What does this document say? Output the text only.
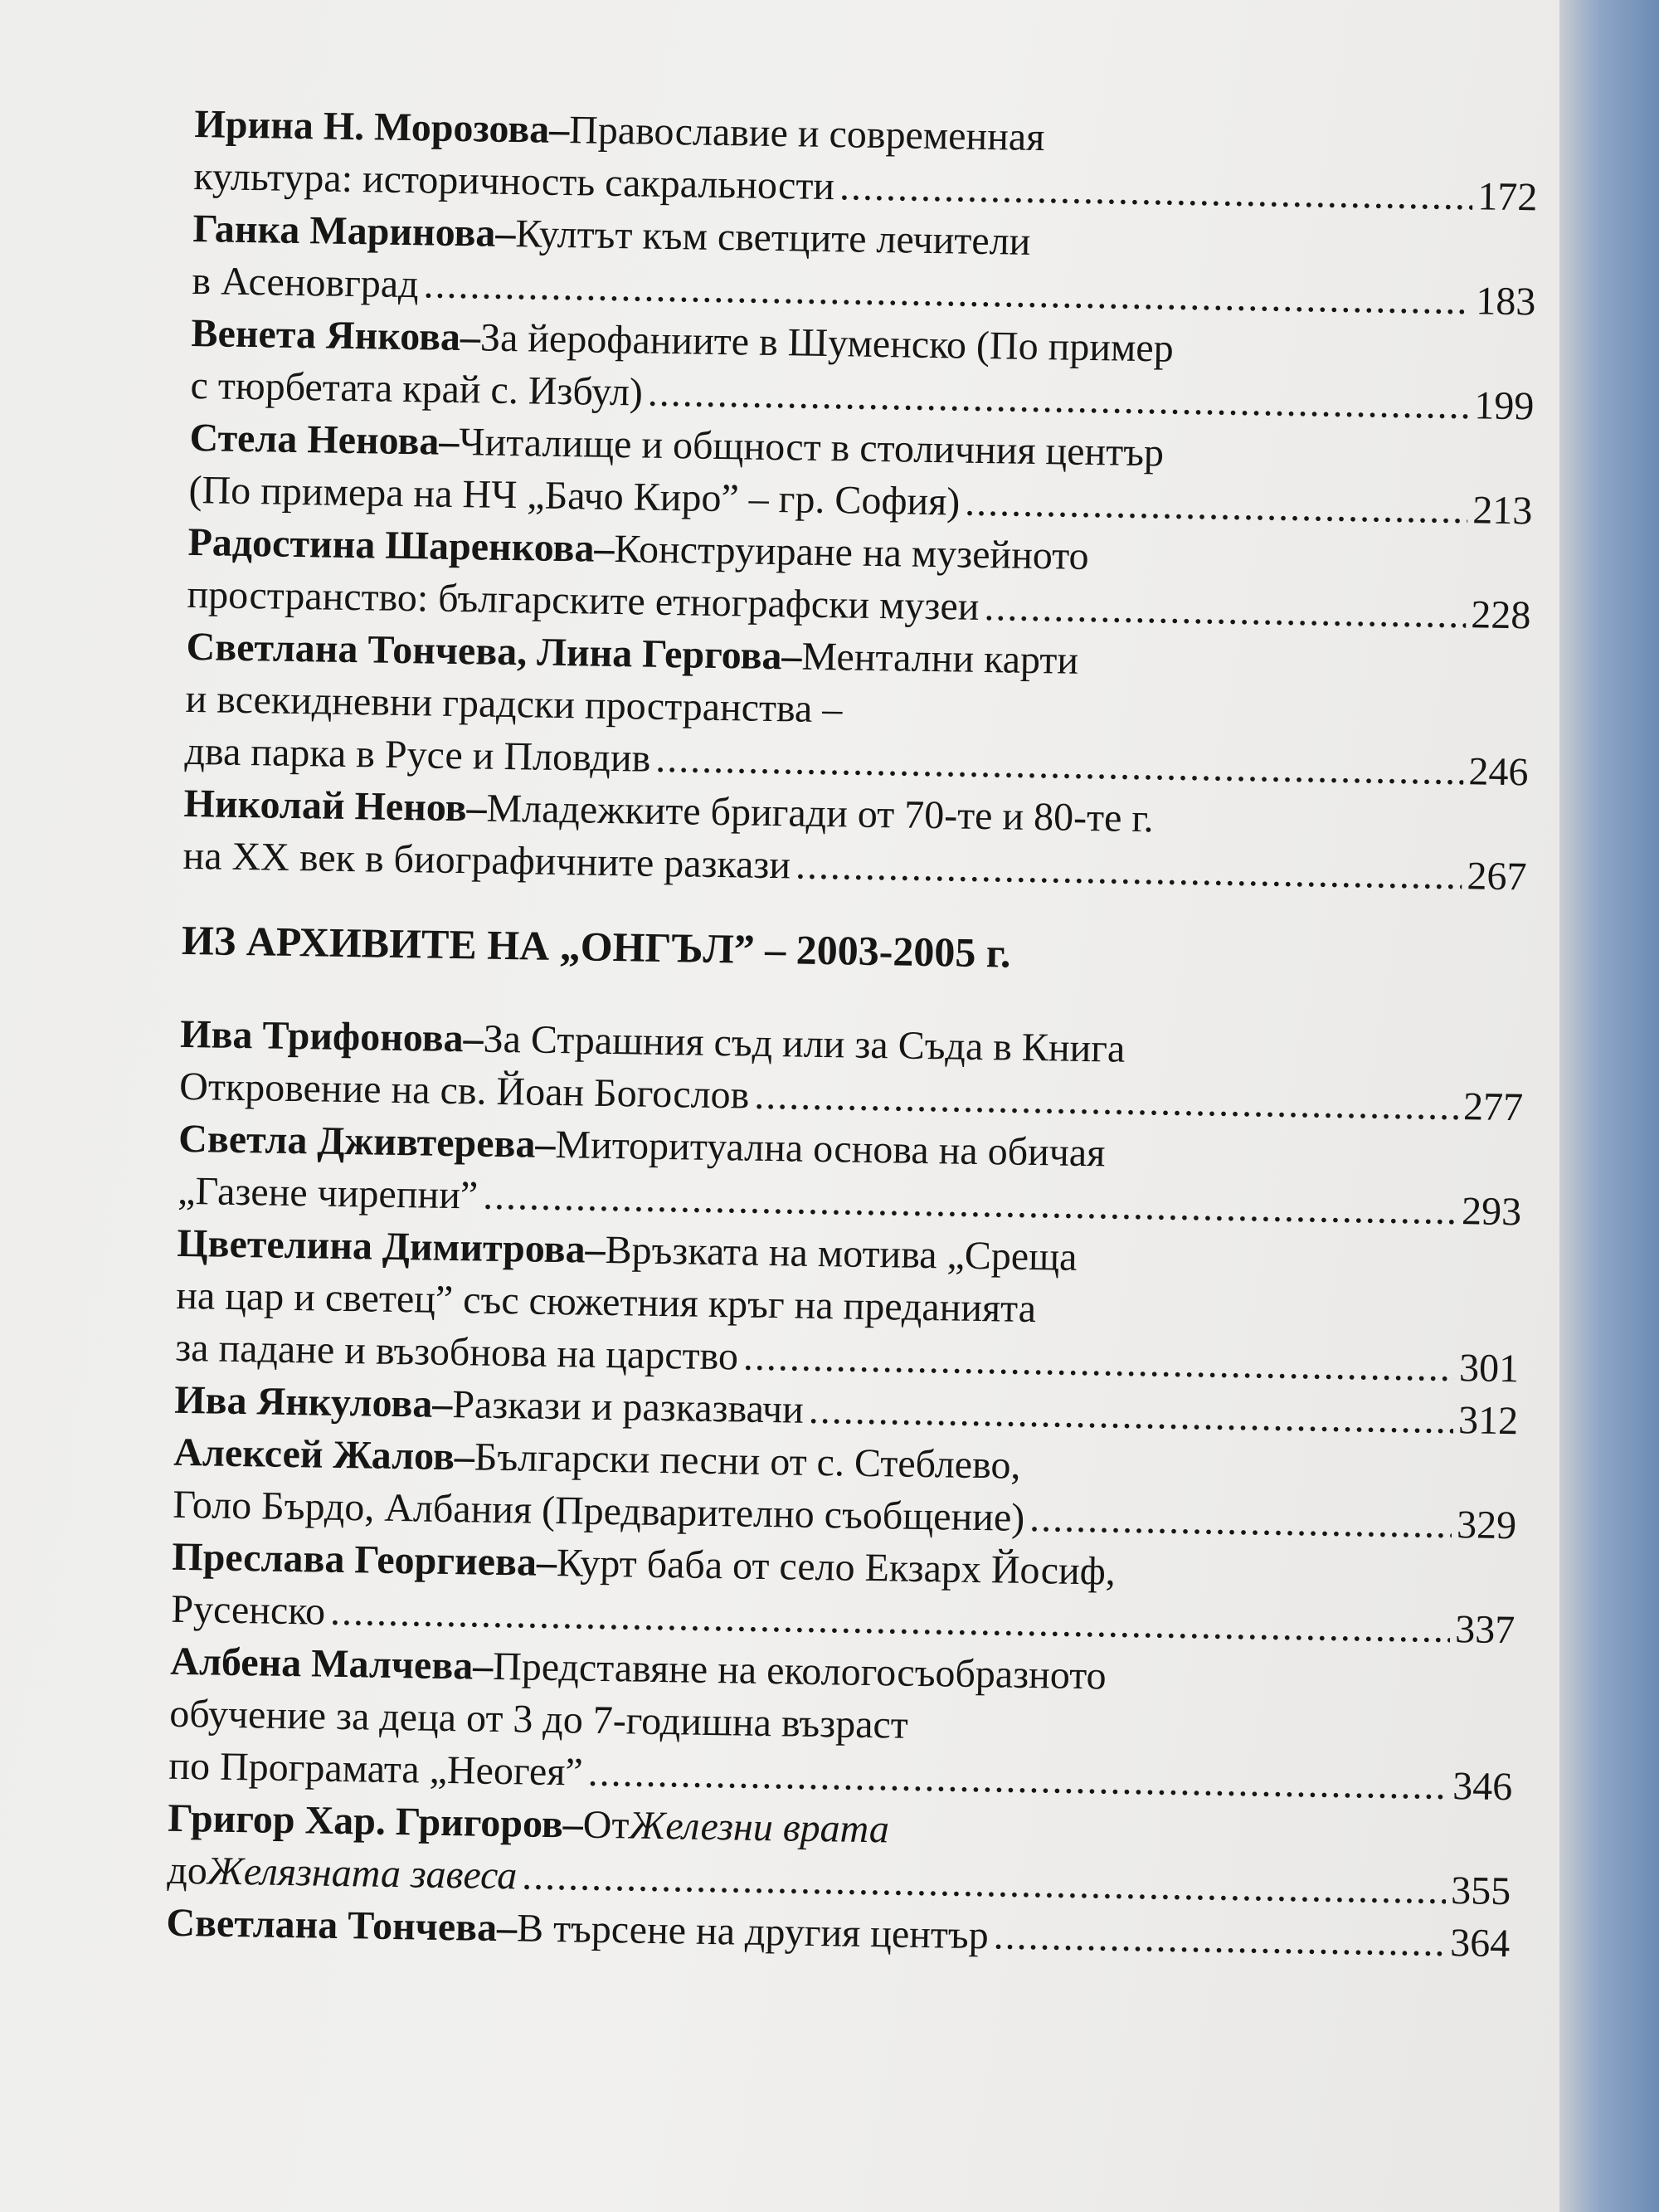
Ирина Н. Морозова – Православие и современная
культура: историчность сакральности .....	172
Ганка Маринова – Култът към светците лечители
в Асеновград .....	183
Венета Янкова – За йерофаниите в Шуменско (По пример
с тюрбетата край с. Избул) .....	199
Стела Ненова – Читалище и общност в столичния център
(По примера на НЧ „Бачо Киро” – гр. София) .....	213
Радостина Шаренкова – Конструиране на музейното
пространство: българските етнографски музеи .....	228
Светлана Тончева, Лина Гергова – Ментални карти
и всекидневни градски пространства –
два парка в Русе и Пловдив .....	246
Николай Ненов – Младежките бригади от 70-те и 80-те г.
на XX век в биографичните разкази .....	267
ИЗ АРХИВИТЕ НА „ОНГЪЛ” – 2003-2005 г.
Ива Трифонова – За Страшния съд или за Съда в Книга
Откровение на св. Йоан Богослов .....	277
Светла Дживтерева – Миторитуална основа на обичая
„Газене чирепни” .....	293
Цветелина Димитрова – Връзката на мотива „Среща
на цар и светец” със сюжетния кръг на преданията
за падане и възобнова на царство .....	301
Ива Янкулова – Разкази и разказвачи .....	312
Алексей Жалов – Български песни от с. Стеблево,
Голо Бърдо, Албания (Предварително съобщение) .....	329
Преслава Георгиева – Курт баба от село Екзарх Йосиф,
Русенско .....	337
Албена Малчева – Представяне на екологосъобразното
обучение за деца от 3 до 7-годишна възраст
по Програмата „Неогея” .....	346
Григор Хар. Григоров – От Железни врата
до Желязната завеса .....	355
Светлана Тончева – В търсене на другия център .....	364
